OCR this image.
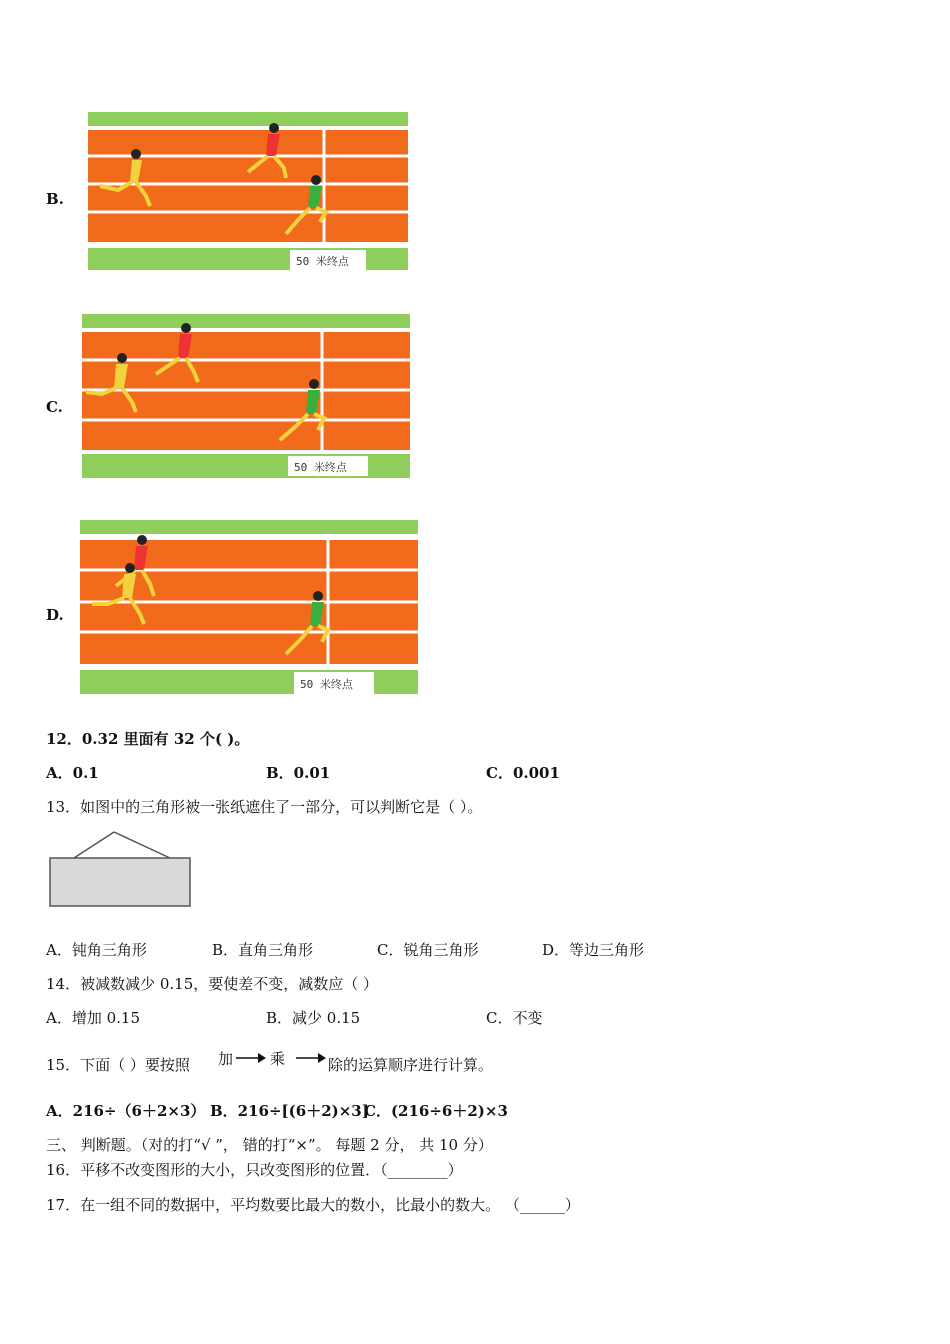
B.
50 米终点
C.
50 米终点
D.
50 米终点
12．0.32 里面有 32 个( )。
A．0.1	B．0.01	C．0.001
13．如图中的三角形被一张纸遮住了一部分，可以判断它是（ ）。
A．钝角三角形	B．直角三角形	C．锐角三角形	D．等边三角形
14．被减数减少 0.15，要使差不变，减数应（ ）
A．增加 0.15	B．减少 0.15	C．不变
15．下面（ ）要按照 加 乘	除的运算顺序进行计算。
A．216÷（6＋2×3） B．216÷[(6＋2)×3]
C．(216÷6＋2)×3
三、 判断题。（对的打“√ ”， 错的打“×”。 每题 2 分， 共 10 分）
16．平移不改变图形的大小，只改变图形的位置．（________）
17．在一组不同的数据中，平均数要比最大的数小，比最小的数大。 （______）
